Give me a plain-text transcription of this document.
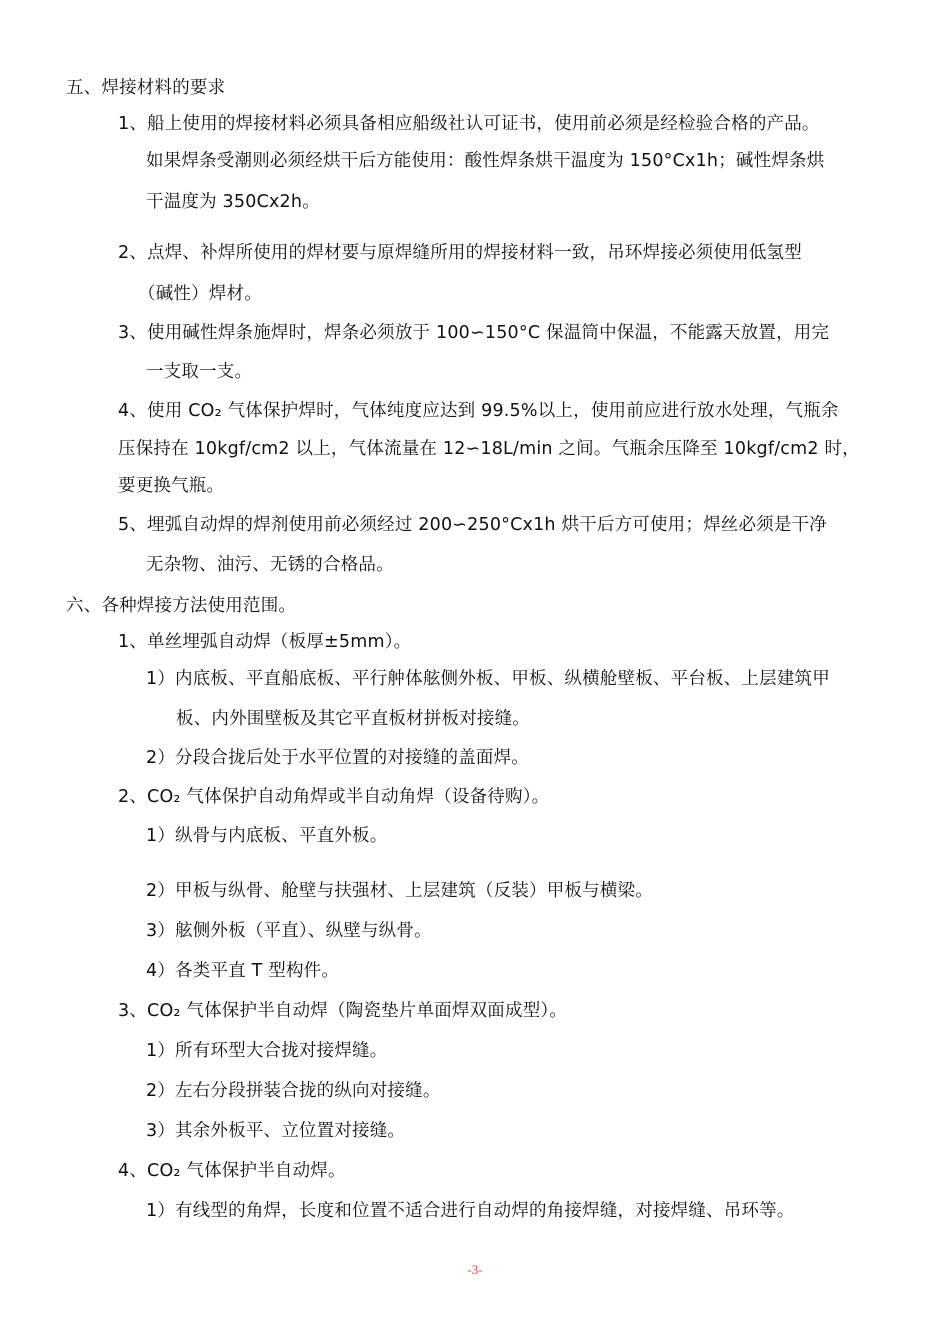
五、焊接材料的要求
1、船上使用的焊接材料必须具备相应船级社认可证书，使用前必须是经检验合格的产品。
如果焊条受潮则必须经烘干后方能使用：酸性焊条烘干温度为 150°Cx1h；碱性焊条烘
干温度为 350Cx2h。
2、点焊、补焊所使用的焊材要与原焊缝所用的焊接材料一致，吊环焊接必须使用低氢型
（碱性）焊材。
3、使用碱性焊条施焊时，焊条必须放于 100∽150°C 保温筒中保温，不能露天放置，用完
一支取一支。
4、使用 CO₂ 气体保护焊时，气体纯度应达到 99.5%以上，使用前应进行放水处理，气瓶余
压保持在 10kgf/cm2 以上，气体流量在 12∽18L/min 之间。气瓶余压降至 10kgf/cm2 时，
要更换气瓶。
5、埋弧自动焊的焊剂使用前必须经过 200∽250°Cx1h 烘干后方可使用；焊丝必须是干净
无杂物、油污、无锈的合格品。
六、各种焊接方法使用范围。
1、单丝埋弧自动焊（板厚±5mm）。
1）内底板、平直船底板、平行舯体舷侧外板、甲板、纵横舱壁板、平台板、上层建筑甲
板、内外围壁板及其它平直板材拼板对接缝。
2）分段合拢后处于水平位置的对接缝的盖面焊。
2、CO₂ 气体保护自动角焊或半自动角焊（设备待购）。
1）纵骨与内底板、平直外板。
2）甲板与纵骨、舱壁与扶强材、上层建筑（反装）甲板与横梁。
3）舷侧外板（平直）、纵壁与纵骨。
4）各类平直 T 型构件。
3、CO₂ 气体保护半自动焊（陶瓷垫片单面焊双面成型）。
1）所有环型大合拢对接焊缝。
2）左右分段拼装合拢的纵向对接缝。
3）其余外板平、立位置对接缝。
4、CO₂ 气体保护半自动焊。
1）有线型的角焊，长度和位置不适合进行自动焊的角接焊缝，对接焊缝、吊环等。
-3-
